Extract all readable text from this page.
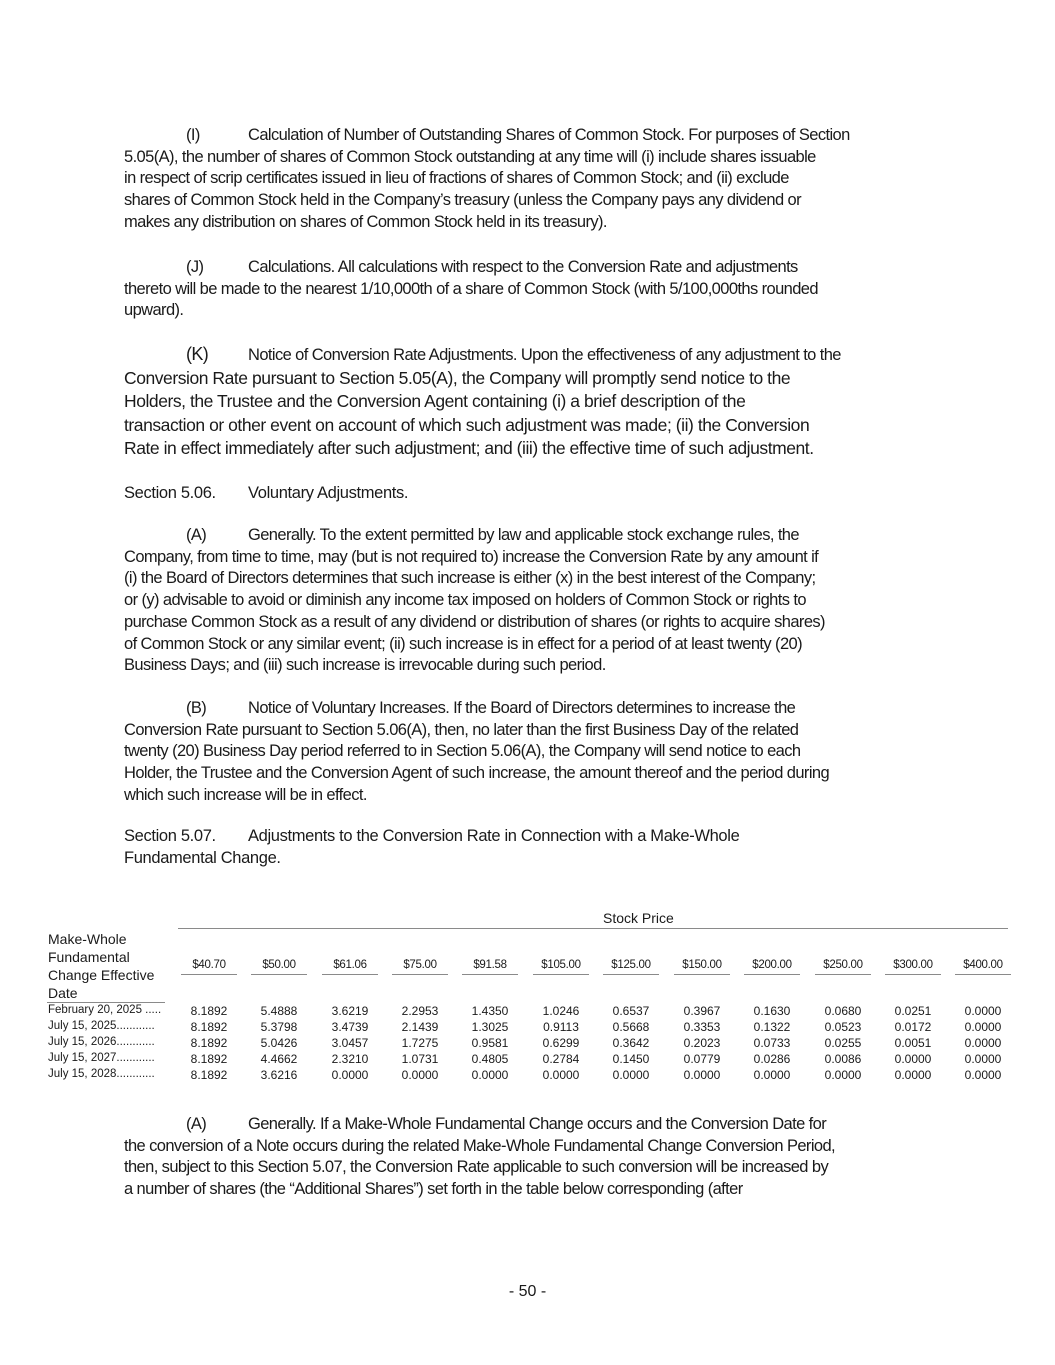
(I)	Calculation of Number of Outstanding Shares of Common Stock. For purposes of Section
5.05(A), the number of shares of Common Stock outstanding at any time will (i) include shares issuable
in respect of scrip certificates issued in lieu of fractions of shares of Common Stock; and (ii) exclude
shares of Common Stock held in the Company’s treasury (unless the Company pays any dividend or
makes any distribution on shares of Common Stock held in its treasury).
(J)	Calculations. All calculations with respect to the Conversion Rate and adjustments
thereto will be made to the nearest 1/10,000th of a share of Common Stock (with 5/100,000ths rounded
upward).
(K) Notice of Conversion Rate Adjustments. Upon the effectiveness of any adjustment to the
Conversion Rate pursuant to Section 5.05(A), the Company will promptly send notice to the
Holders, the Trustee and the Conversion Agent containing (i) a brief description of the
transaction or other event on account of which such adjustment was made; (ii) the Conversion
Rate in effect immediately after such adjustment; and (iii) the effective time of such adjustment.
Section 5.06. Voluntary Adjustments.
(A)	Generally. To the extent permitted by law and applicable stock exchange rules, the
Company, from time to time, may (but is not required to) increase the Conversion Rate by any amount if
(i) the Board of Directors determines that such increase is either (x) in the best interest of the Company;
or (y) advisable to avoid or diminish any income tax imposed on holders of Common Stock or rights to
purchase Common Stock as a result of any dividend or distribution of shares (or rights to acquire shares)
of Common Stock or any similar event; (ii) such increase is in effect for a period of at least twenty (20)
Business Days; and (iii) such increase is irrevocable during such period.
(B)	Notice of Voluntary Increases. If the Board of Directors determines to increase the
Conversion Rate pursuant to Section 5.06(A), then, no later than the first Business Day of the related
twenty (20) Business Day period referred to in Section 5.06(A), the Company will send notice to each
Holder, the Trustee and the Conversion Agent of such increase, the amount thereof and the period during
which such increase will be in effect.
Section 5.07. Adjustments to the Conversion Rate in Connection with a Make-Whole
Fundamental Change.
Stock Price
Make-Whole Fundamental Change Effective Date
$40.70	$50.00	$61.06	$75.00	$91.58	$105.00	$125.00	$150.00	$200.00	$250.00	$300.00	$400.00
February 20, 2025 .....	8.1892	5.4888	3.6219	2.2953	1.4350	1.0246	0.6537	0.3967	0.1630	0.0680	0.0251	0.0000
July 15, 2025............	8.1892	5.3798	3.4739	2.1439	1.3025	0.9113	0.5668	0.3353	0.1322	0.0523	0.0172	0.0000
July 15, 2026............	8.1892	5.0426	3.0457	1.7275	0.9581	0.6299	0.3642	0.2023	0.0733	0.0255	0.0051	0.0000
July 15, 2027............	8.1892	4.4662	2.3210	1.0731	0.4805	0.2784	0.1450	0.0779	0.0286	0.0086	0.0000	0.0000
July 15, 2028............	8.1892	3.6216	0.0000	0.0000	0.0000	0.0000	0.0000	0.0000	0.0000	0.0000	0.0000	0.0000
(A)	Generally. If a Make-Whole Fundamental Change occurs and the Conversion Date for
the conversion of a Note occurs during the related Make-Whole Fundamental Change Conversion Period,
then, subject to this Section 5.07, the Conversion Rate applicable to such conversion will be increased by
a number of shares (the “Additional Shares”) set forth in the table below corresponding (after
- 50 -
